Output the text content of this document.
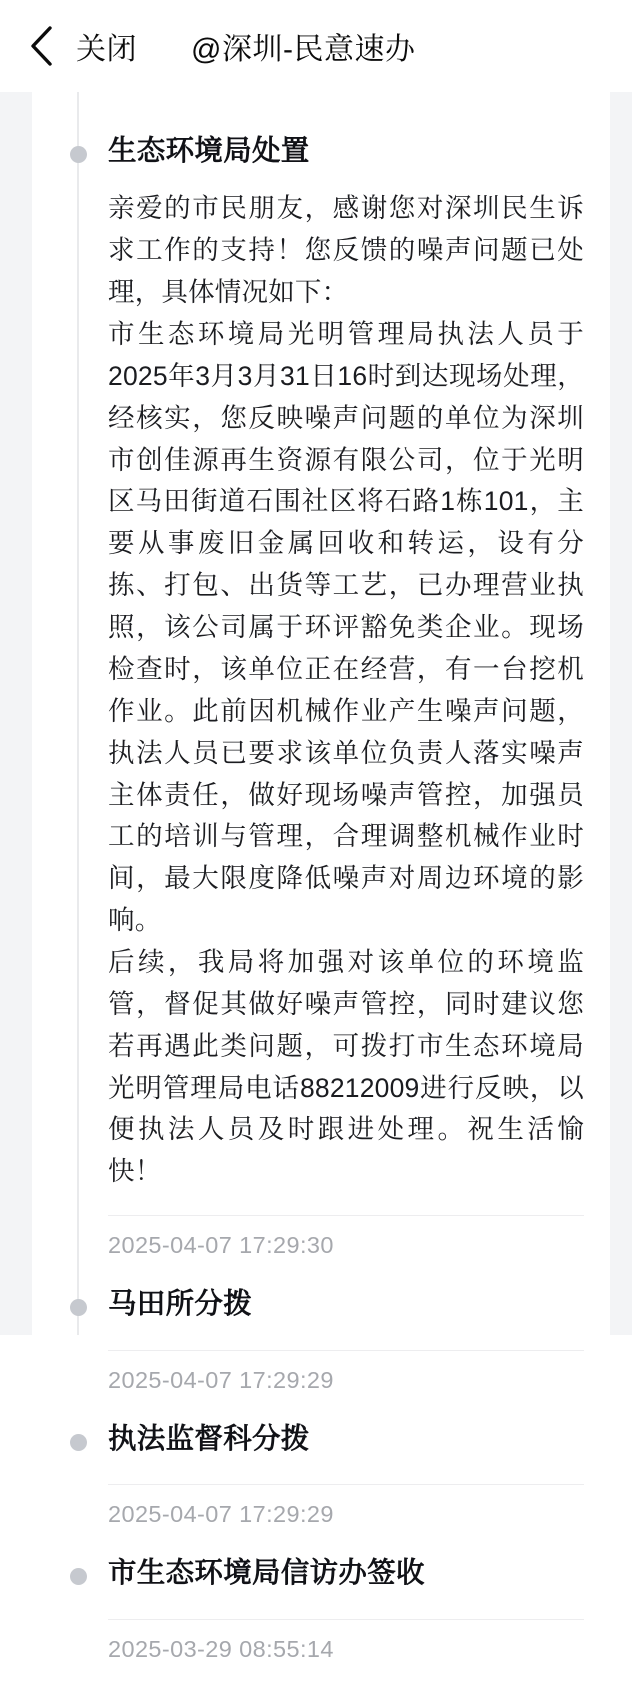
关闭 @深圳-民意速办
生态环境局处置

亲爱的市民朋友，感谢您对深圳民生诉求工作的支持！您反馈的噪声问题已处理，具体情况如下：

市生态环境局光明管理局执法人员于2025年3月3月31日16时到达现场处理，经核实，您反映噪声问题的单位为深圳市创佳源再生资源有限公司，位于光明区马田街道石围社区将石路1栋101，主要从事废旧金属回收和转运，设有分拣、打包、出货等工艺，已办理营业执照，该公司属于环评豁免类企业。现场检查时，该单位正在经营，有一台挖机作业。此前因机械作业产生噪声问题，执法人员已要求该单位负责人落实噪声主体责任，做好现场噪声管控，加强员工的培训与管理，合理调整机械作业时间，最大限度降低噪声对周边环境的影响。

后续，我局将加强对该单位的环境监管，督促其做好噪声管控，同时建议您若再遇此类问题，可拨打市生态环境局光明管理局电话88212009进行反映，以便执法人员及时跟进处理。祝生活愉快！

2025-04-07 17:29:30
马田所分拨
2025-04-07 17:29:29
执法监督科分拨
2025-04-07 17:29:29
市生态环境局信访办签收
2025-03-29 08:55:14
